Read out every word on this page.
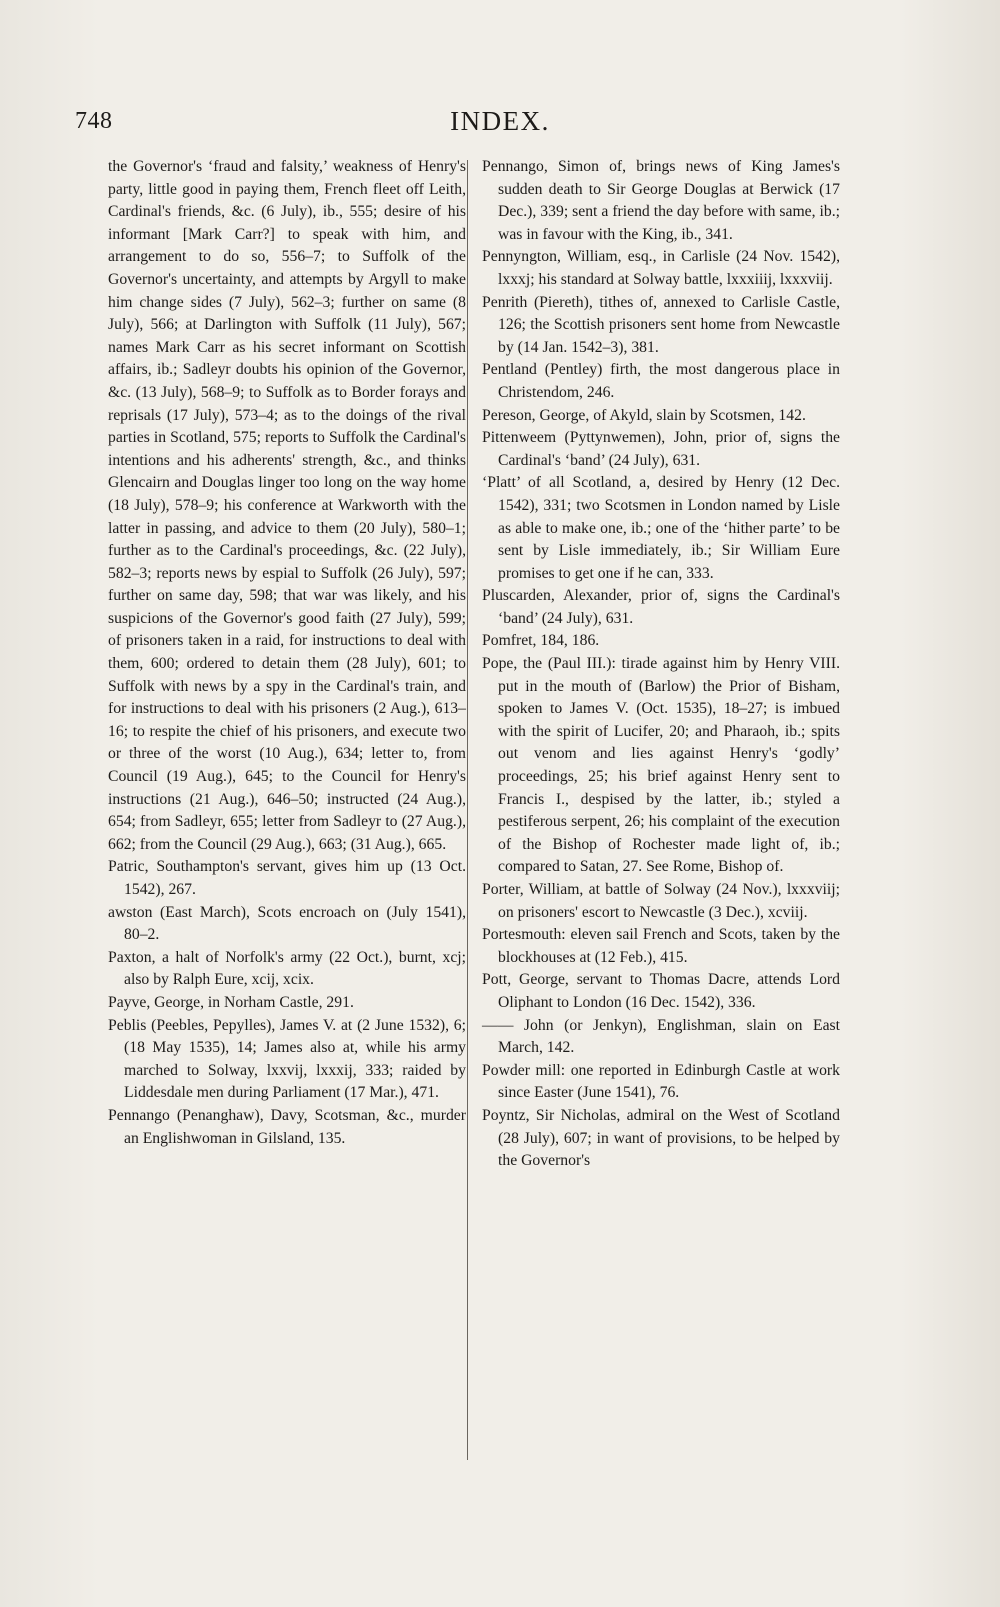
748	INDEX.

the Governor's ‘fraud and falsity,’ weakness of Henry's party, little good in paying them, French fleet off Leith, Cardinal's friends, &c. (6 July), ib., 555; desire of his informant [Mark Carr?] to speak with him, and arrangement to do so, 556–7; to Suffolk of the Governor's uncertainty, and attempts by Argyll to make him change sides (7 July), 562–3; further on same (8 July), 566; at Darlington with Suffolk (11 July), 567; names Mark Carr as his secret informant on Scottish affairs, ib.; Sadleyr doubts his opinion of the Governor, &c. (13 July), 568–9; to Suffolk as to Border forays and reprisals (17 July), 573–4; as to the doings of the rival parties in Scotland, 575; reports to Suffolk the Cardinal's intentions and his adherents' strength, &c., and thinks Glencairn and Douglas linger too long on the way home (18 July), 578–9; his conference at Warkworth with the latter in passing, and advice to them (20 July), 580–1; further as to the Cardinal's proceedings, &c. (22 July), 582–3; reports news by espial to Suffolk (26 July), 597; further on same day, 598; that war was likely, and his suspicions of the Governor's good faith (27 July), 599; of prisoners taken in a raid, for instructions to deal with them, 600; ordered to detain them (28 July), 601; to Suffolk with news by a spy in the Cardinal's train, and for instructions to deal with his prisoners (2 Aug.), 613–16; to respite the chief of his prisoners, and execute two or three of the worst (10 Aug.), 634; letter to, from Council (19 Aug.), 645; to the Council for Henry's instructions (21 Aug.), 646–50; instructed (24 Aug.), 654; from Sadleyr, 655; letter from Sadleyr to (27 Aug.), 662; from the Council (29 Aug.), 663; (31 Aug.), 665.

Patric, Southampton's servant, gives him up (13 Oct. 1542), 267.

awston (East March), Scots encroach on (July 1541), 80–2.

Paxton, a halt of Norfolk's army (22 Oct.), burnt, xcj; also by Ralph Eure, xcij, xcix.

Payve, George, in Norham Castle, 291.

Peblis (Peebles, Pepylles), James V. at (2 June 1532), 6; (18 May 1535), 14; James also at, while his army marched to Solway, lxxvij, lxxxij, 333; raided by Liddesdale men during Parliament (17 Mar.), 471.

Pennango (Penanghaw), Davy, Scotsman, &c., murder an Englishwoman in Gilsland, 135.

Pennango, Simon of, brings news of King James's sudden death to Sir George Douglas at Berwick (17 Dec.), 339; sent a friend the day before with same, ib.; was in favour with the King, ib., 341.

Pennyngton, William, esq., in Carlisle (24 Nov. 1542), lxxxj; his standard at Solway battle, lxxxiiij, lxxxviij.

Penrith (Piereth), tithes of, annexed to Carlisle Castle, 126; the Scottish prisoners sent home from Newcastle by (14 Jan. 1542–3), 381.

Pentland (Pentley) firth, the most dangerous place in Christendom, 246.

Pereson, George, of Akyld, slain by Scotsmen, 142.

Pittenweem (Pyttynwemen), John, prior of, signs the Cardinal's ‘band’ (24 July), 631.

‘Platt’ of all Scotland, a, desired by Henry (12 Dec. 1542), 331; two Scotsmen in London named by Lisle as able to make one, ib.; one of the ‘hither parte’ to be sent by Lisle immediately, ib.; Sir William Eure promises to get one if he can, 333.

Pluscarden, Alexander, prior of, signs the Cardinal's ‘band’ (24 July), 631.

Pomfret, 184, 186.

Pope, the (Paul III.): tirade against him by Henry VIII. put in the mouth of (Barlow) the Prior of Bisham, spoken to James V. (Oct. 1535), 18–27; is imbued with the spirit of Lucifer, 20; and Pharaoh, ib.; spits out venom and lies against Henry's ‘godly’ proceedings, 25; his brief against Henry sent to Francis I., despised by the latter, ib.; styled a pestiferous serpent, 26; his complaint of the execution of the Bishop of Rochester made light of, ib.; compared to Satan, 27. See Rome, Bishop of.

Porter, William, at battle of Solway (24 Nov.), lxxxviij; on prisoners' escort to Newcastle (3 Dec.), xcviij.

Portesmouth: eleven sail French and Scots, taken by the blockhouses at (12 Feb.), 415.

Pott, George, servant to Thomas Dacre, attends Lord Oliphant to London (16 Dec. 1542), 336.

—— John (or Jenkyn), Englishman, slain on East March, 142.

Powder mill: one reported in Edinburgh Castle at work since Easter (June 1541), 76.

Poyntz, Sir Nicholas, admiral on the West of Scotland (28 July), 607; in want of provisions, to be helped by the Governor's
